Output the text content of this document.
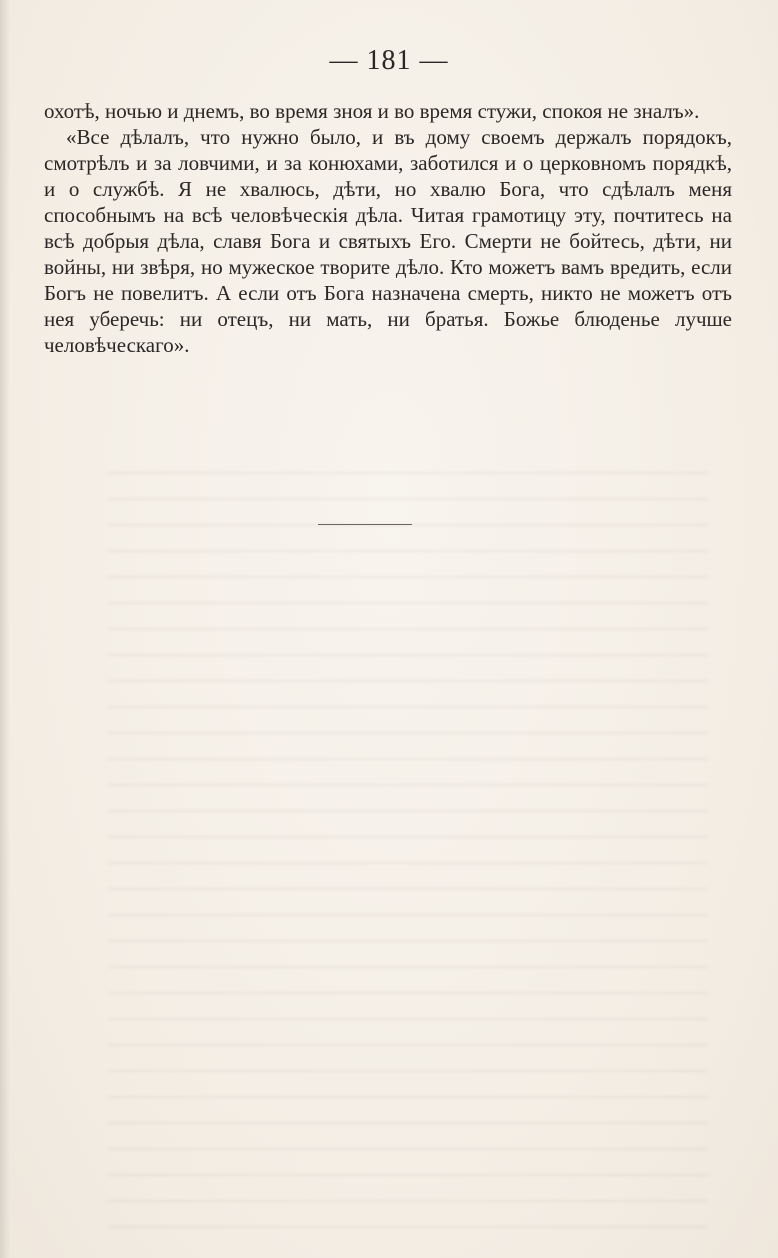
— 181 —

охотѣ, ночью и днемъ, во время зноя и во время стужи, спокоя не зналъ».

«Все дѣлалъ, что нужно было, и въ дому своемъ держалъ порядокъ, смотрѣлъ и за ловчими, и за конюхами, заботился и о церковномъ порядкѣ, и о службѣ. Я не хвалюсь, дѣти, но хвалю Бога, что сдѣлалъ меня способнымъ на всѣ человѣческія дѣла. Читая грамотицу эту, почтитесь на всѣ добрыя дѣла, славя Бога и святыхъ Его. Смерти не бойтесь, дѣти, ни войны, ни звѣря, но мужеское творите дѣло. Кто можетъ вамъ вредить, если Богъ не повелитъ. А если отъ Бога назначена смерть, никто не можетъ отъ нея уберечь: ни отецъ, ни мать, ни братья. Божье блюденье лучше человѣческаго».
